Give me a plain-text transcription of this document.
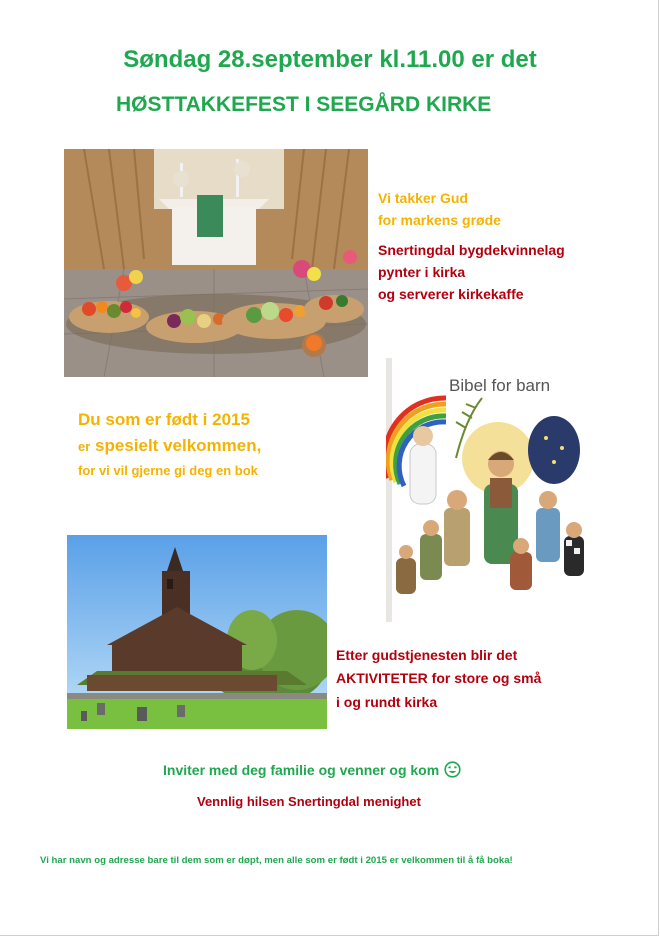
Søndag 28.september kl.11.00 er det
HØSTTAKKEFEST I SEEGÅRD KIRKE

Vi takker Gud

for markens grøde

Snertingdal bygdekvinnelag

pynter i kirka

og serverer kirkekaffe

Du som er født i 2015

er spesielt velkommen,

for vi vil gjerne gi deg en bok

Bibel for barn

Etter gudstjenesten blir det

AKTIVITETER for store og små

i og rundt kirka

Inviter med deg familie og venner og kom

Vennlig hilsen Snertingdal menighet

Vi har navn og adresse bare til dem som er døpt, men alle som er født i 2015 er velkommen til å få boka!
